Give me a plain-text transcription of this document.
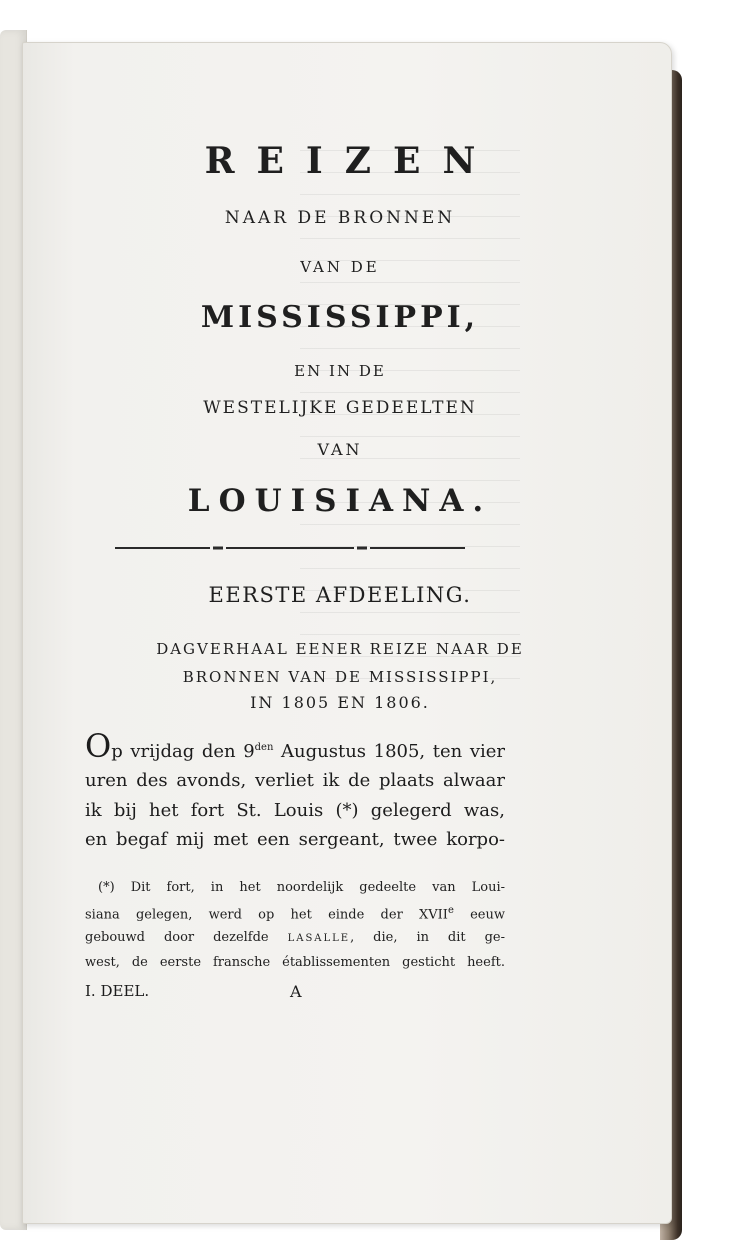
REIZEN
NAAR DE BRONNEN
VAN DE
MISSISSIPPI,
EN IN DE
WESTELIJKE GEDEELTEN
VAN
LOUISIANA.
EERSTE AFDEELING.
DAGVERHAAL EENER REIZE NAAR DE
BRONNEN VAN DE MISSISSIPPI,
IN 1805 EN 1806.
Op vrijdag den $9^{den}$ Augustus 1805, ten vier
uren des avonds, verliet ik de plaats alwaar
ik bij het fort St. Louis (*) gelegerd was,
en begaf mij met een sergeant, twee korpo-
(*) Dit fort, in het noordelijk gedeelte van Loui-
siana gelegen, werd op het einde der XVIIe eeuw
gebouwd door dezelfde LASALLE, die, in dit ge-
west, de eerste fransche établissementen gesticht heeft.
I. DEEL.	A
